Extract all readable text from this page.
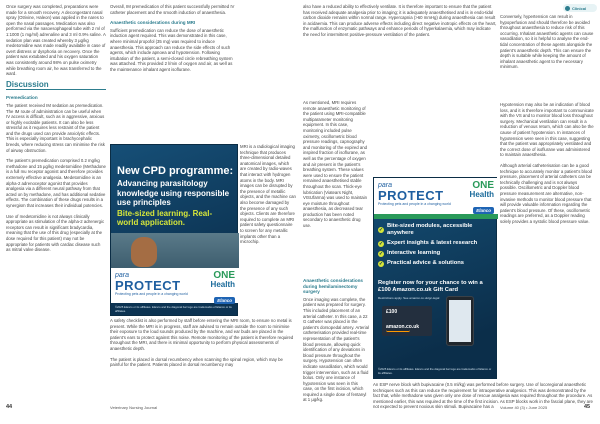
Clinical

Once surgery was completed, preparations were made for a smooth recovery. A decongestant nasal spray (Otrivine, Haleon) was applied in the nares to open the nasal passages. Medication was also performed via the nasoesophageal tube with 2 ml of 1:1000 (1 mg/ml) adrenaline and 3 ml 0.9% saline. A sedation plan was created whereby 3 µg/kg medetomidine was made readily available in case of overt distress or dysphoria on recovery. Once the patient was extubated and his oxygen saturation was consistently around 98% on pulse oximetry while breathing room air, he was transferred to the ward.

Discussion
Premedication

The patient received IM sedation as premedication. The IM route of administration can be useful when IV access is difficult, such as in aggressive, anxious or highly excitable patients. It can also be less stressful as it requires less restraint of the patient and the drugs used can provide anxiolytic effects. This is especially important in brachycephalic breeds, where reducing stress can minimise the risk of airway obstruction.

The patient's premedication comprised 0.2 mg/kg methadone and 15 µg/kg medetomidine (Methadone is a full mu receptor agonist and therefore provides extremely effective analgesia. Medetomidine is an alpha-2 adrenoceptor agonist that provides analgesia via a different neural pathway from that acted on by methadone, and has additional sedative effects. The combination of these drugs results in a synergism that increases their individual potencies.

Use of medetomidine is not always clinically appropriate as stimulation of the alpha-2 adrenergic receptors can result in significant bradycardia, meaning that the use of this drug (especially at the dose required for this patient) may not be appropriate for patients with cardiac disease such as mitral valve disease.

Overall, IM premedication of this patient successfully permitted IV catheter placement and the smooth induction of anaesthesia.

Anaesthetic considerations during MRI

Sufficient premedication can reduce the dose of anaesthetic induction agent required. This was demonstrated in this case, where minimal propofol (35 mg) was required to induce anaesthesia. This approach can reduce the side effects of such agents, which include apnoea and hypotension. Following intubation of the patient, a semi-closed circle rebreathing system was attached. This provided 2 l/min of oxygen and air, as well as the maintenance inhalant agent isoflurane.

MRI is a radiological imaging technique that produces three-dimensional detailed anatomical images, which are created by radio-waves that interact with hydrogen atoms in the body. MRI images can be disrupted by the presence of metallic objects, and the machine can also become damaged by the presence of any such objects. Clients are therefore required to complete an MRI patient safety questionnaire to screen for any metallic implants other than a microchip.

A safety checklist is also performed by staff before entering the MRI room, to ensure no metal is present. While the MRI is in progress, staff are advised to remain outside the room to minimise their exposure to the loud sounds produced by the machine, and ear buds are placed in the patient's ears to protect against this noise. Remote monitoring of the patient is therefore required throughout the MRI, and there is minimal opportunity to perform physical assessments of anaesthetic depth.

The patient is placed in dorsal recumbency when scanning the spinal region, which may be painful for the patient. Patients placed in dorsal recumbency may

New CPD programme:
Advancing parasitology knowledge using responsible use principles
Bite-sized learning. Real-world application.
para
PROTECT
Protecting pets and people in a changing world
ONE
Health
Elanco
©2025 Elanco or its affiliates. Elanco and the diagonal bar logo are trademarks of Elanco or its affiliates.

also have a reduced ability to effectively ventilate. It is therefore important to ensure that the patient has received adequate analgesia prior to imaging; it is adequately anaesthetised and is in endo-tidal carbon dioxide remains within normal range. Hypercapnia (>60 mmHg) during anaesthesia can result in acidaemia. This can produce adverse effects including direct negative inotropic effects on the heart, the malfunction of enzymatic pathways and enhance periods of hyperkalaemia, which may indicate the need for intermittent positive-pressure ventilation of the patient.

As mentioned, MRI requires remote anaesthetic monitoring of the patient using MRI-compatible multiparameter monitoring equipment. In this case, monitoring included pulse oximetry, oscillometric blood pressure readings, capnography and monitoring of the expired and inspired fraction of isoflurane, as well as the percentage of oxygen and air present in the patient's breathing system. These values were used to ensure the patient remained anaesthetised stable throughout the scan. Thick-eye lubrication (Viatears Night, VISUfarma) was used to maintain eye moisture throughout anaesthesia, as decreased tear production has been noted secondary to anaesthetic drug use.

Anaesthetic considerations during hemilaminectomy surgery

Once imaging was complete, the patient was prepared for surgery. This included placement of an arterial catheter. In this case, a 22 G catheter was placed in the patient's dorsopedal artery. Arterial catheterisation provided real-time representation of the patient's blood pressure, allowing quick identification of any deviations in blood pressure throughout the surgery. Hypotension can often indicate vasodilation, which would trigger intervention, such as a fluid bolus. Only one instance of hypotension was seen in this case, on the first incision, which required a single dose of fentanyl at 1 µg/kg.

para
PROTECT
Protecting pets and people in a changing world
ONE
Health
Elanco
✓
Bite-sized modules, accessible anywhere
✓ Expert insights & latest research
✓ Interactive learning
✓ Practical advice & solutions
Register now for your chance to win a £100 Amazon.co.uk Gift Card
Restrictions apply. See amazon.co.uk/gc-legal
£100
amazon.co.uk
©2025 Elanco or its affiliates. Elanco and the diagonal bar logo are trademarks of Elanco or its affiliates.

Conversely, hypertension can result in hypoperfusion and should therefore be avoided throughout anaesthesia to reduce risk of this occurring. Inhalant anaesthetic agents can cause vasodilation, so it is helpful to analyse the end-tidal concentration of these agents alongside the patient's anaesthetic depth. This can ensure the depth is suitable while keeping the amount of inhalant anaesthetic agent to the necessary minimum.

Hypotension may also be an indication of blood loss, and it is therefore important to communicate with the VS and to monitor blood loss throughout surgery. Mechanical ventilation can result in a reduction of venous return, which can also be the cause of patient hypotension. In instances of hypotension were seen in this case, suggesting that the patient was appropriately ventilated and the correct dose of isoflurane was administered to maintain anaesthesia.

Although arterial catheterisation can be a good technique to accurately monitor a patient's blood pressure, placement of arterial catheters can be technically challenging and is not always possible. Oscillometric and Doppler blood pressure measurement are alternative, non-invasive methods to monitor blood pressure that will provide valuable information regarding the patient's blood pressure. Of these, oscillometric readings are preferred, as a Doppler reading solely provides a systolic blood pressure value.

An ESP nerve block with bupivacaine (0.5 ml/kg) was performed before surgery. Use of locoregional anaesthetic techniques such as this can reduce the requirement for intraoperative analgesics. This was demonstrated by the fact that, while methadone was given only one dose of rescue analgesia was required throughout the procedure. As mentioned earlier, this was required at the time of the first incision. As ESP blocks work in the fascial plane, they are not expected to prevent noxious skin stimuli. Bupivacaine has a

44	Veterinary Nursing Journal	Volume 40 (3) • June 2025	45
